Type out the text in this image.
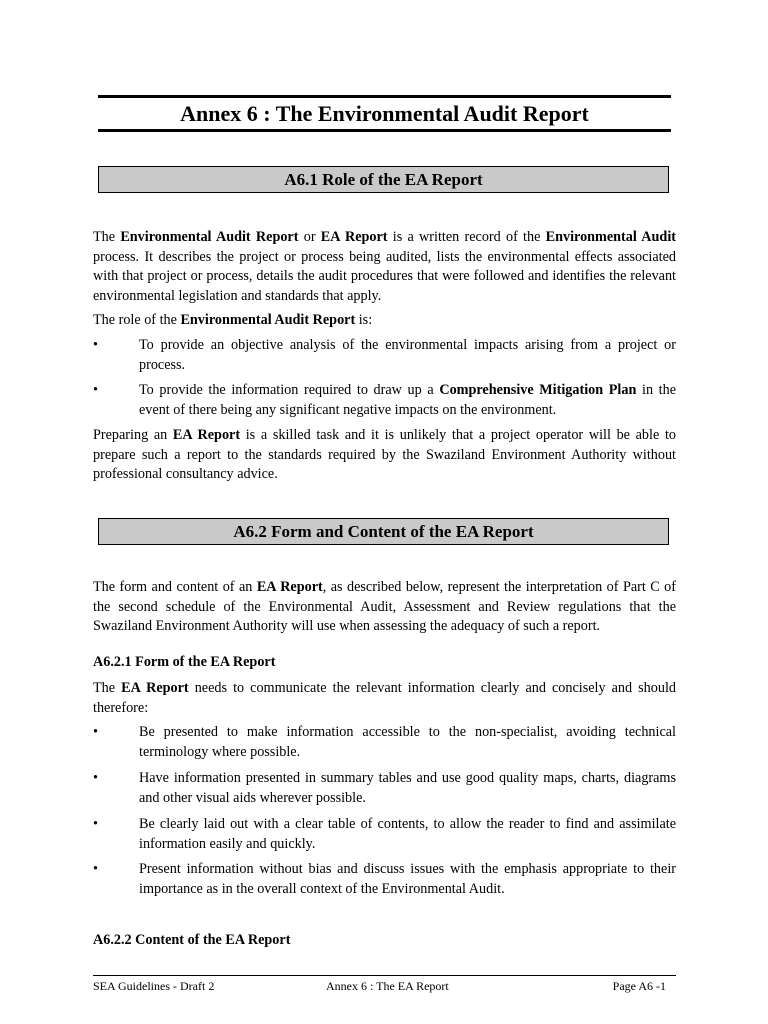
Annex 6 : The Environmental Audit Report
A6.1 Role of the EA Report

The Environmental Audit Report or EA Report is a written record of the Environmental Audit process. It describes the project or process being audited, lists the environmental effects associated with that project or process, details the audit procedures that were followed and identifies the relevant environmental legislation and standards that apply.

The role of the Environmental Audit Report is:

•	To provide an objective analysis of the environmental impacts arising from a project or process.
•	To provide the information required to draw up a Comprehensive Mitigation Plan in the event of there being any significant negative impacts on the environment.

Preparing an EA Report is a skilled task and it is unlikely that a project operator will be able to prepare such a report to the standards required by the Swaziland Environment Authority without professional consultancy advice.

A6.2 Form and Content of the EA Report

The form and content of an EA Report, as described below, represent the interpretation of Part C of the second schedule of the Environmental Audit, Assessment and Review regulations that the Swaziland Environment Authority will use when assessing the adequacy of such a report.

A6.2.1 Form of the EA Report

The EA Report needs to communicate the relevant information clearly and concisely and should therefore:

•	Be presented to make information accessible to the non-specialist, avoiding technical terminology where possible.
•	Have information presented in summary tables and use good quality maps, charts, diagrams and other visual aids wherever possible.
•	Be clearly laid out with a clear table of contents, to allow the reader to find and assimilate information easily and quickly.
•	Present information without bias and discuss issues with the emphasis appropriate to their importance as in the overall context of the Environmental Audit.
A6.2.2 Content of the EA Report
SEA Guidelines - Draft 2	Annex 6 : The EA Report	Page A6 -1
